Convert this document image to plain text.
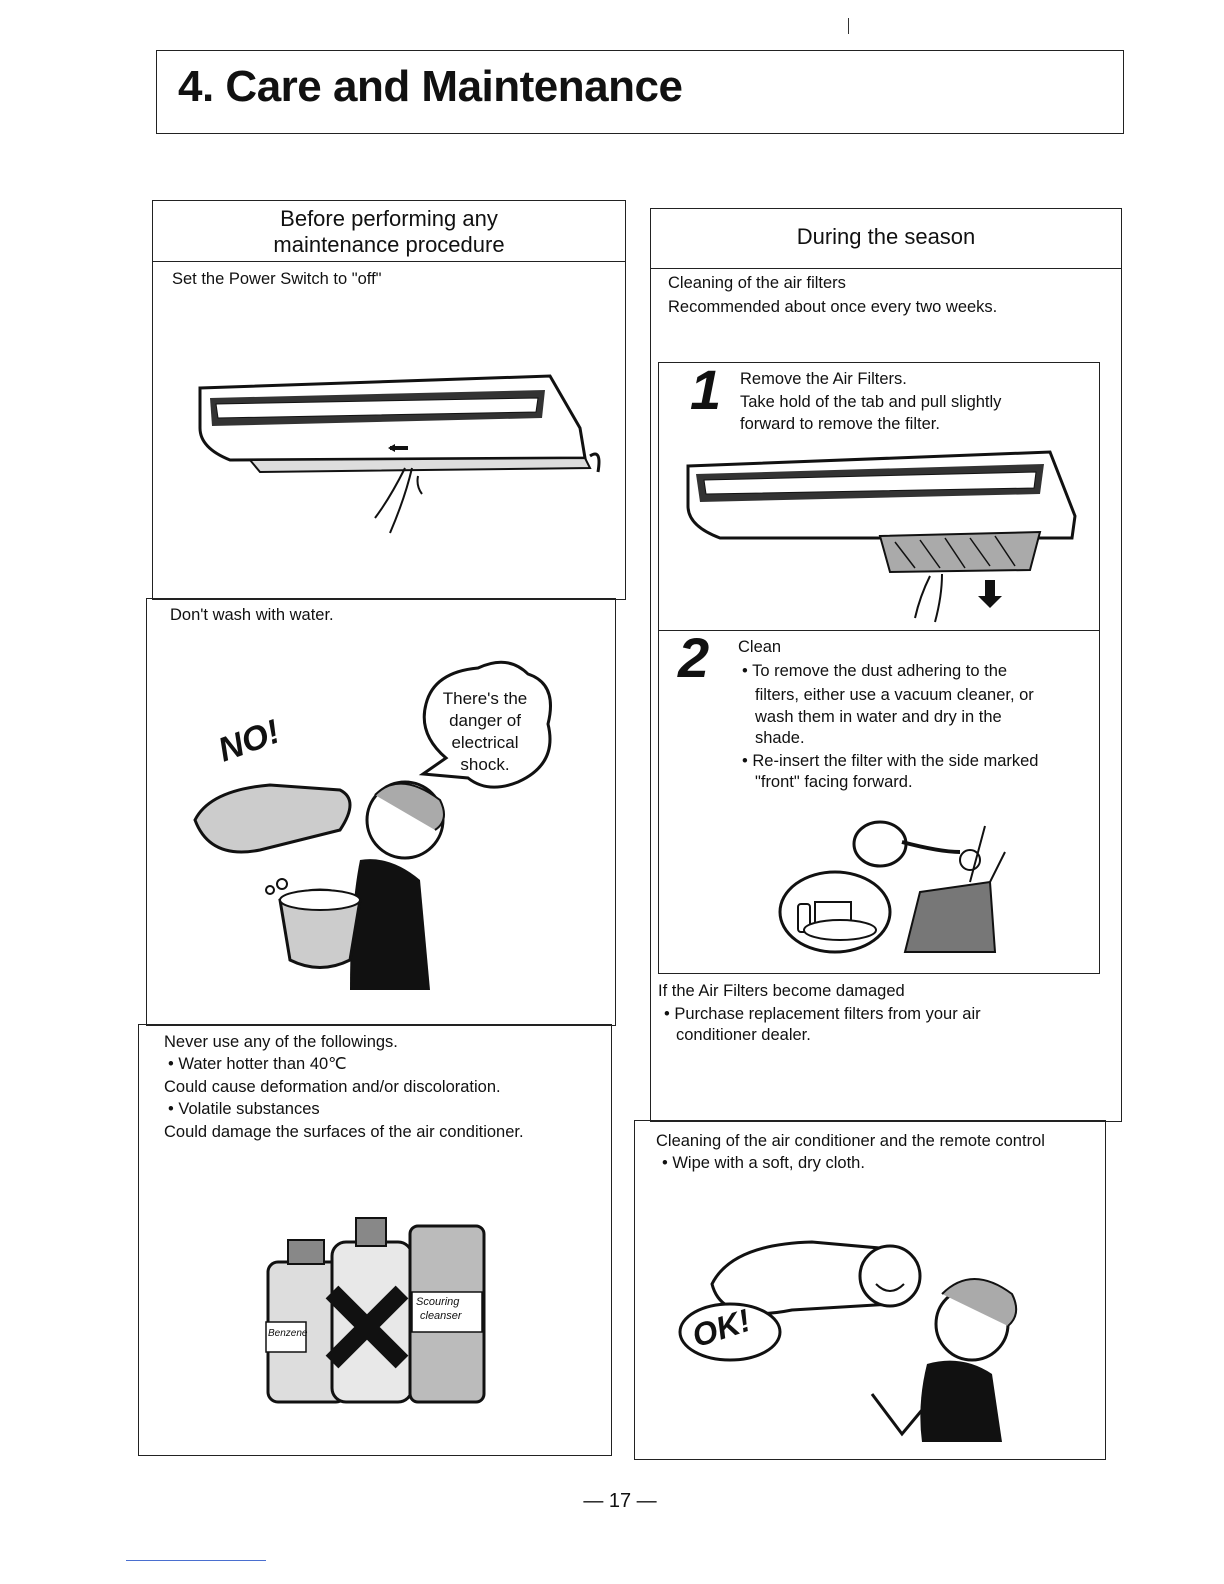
4. Care and Maintenance
Before performing any
maintenance procedure
Set the Power Switch to "off"
Don't wash with water.
There's the
danger of
electrical
shock.
NO!
Never use any of the followings.
• Water hotter than 40℃
Could cause deformation and/or discoloration.
• Volatile substances
Could damage the surfaces of the air conditioner.
Benzene
Scouring
cleanser
During the season
Cleaning of the air filters
Recommended about once every two weeks.
1 Remove the Air Filters.
Take hold of the tab and pull slightly
forward to remove the filter.
2 Clean
• To remove the dust adhering to the
filters, either use a vacuum cleaner, or
wash them in water and dry in the
shade.
• Re-insert the filter with the side marked
"front" facing forward.
If the Air Filters become damaged
• Purchase replacement filters from your air
conditioner dealer.
Cleaning of the air conditioner and the remote control
• Wipe with a soft, dry cloth.
OK!
— 17 —
